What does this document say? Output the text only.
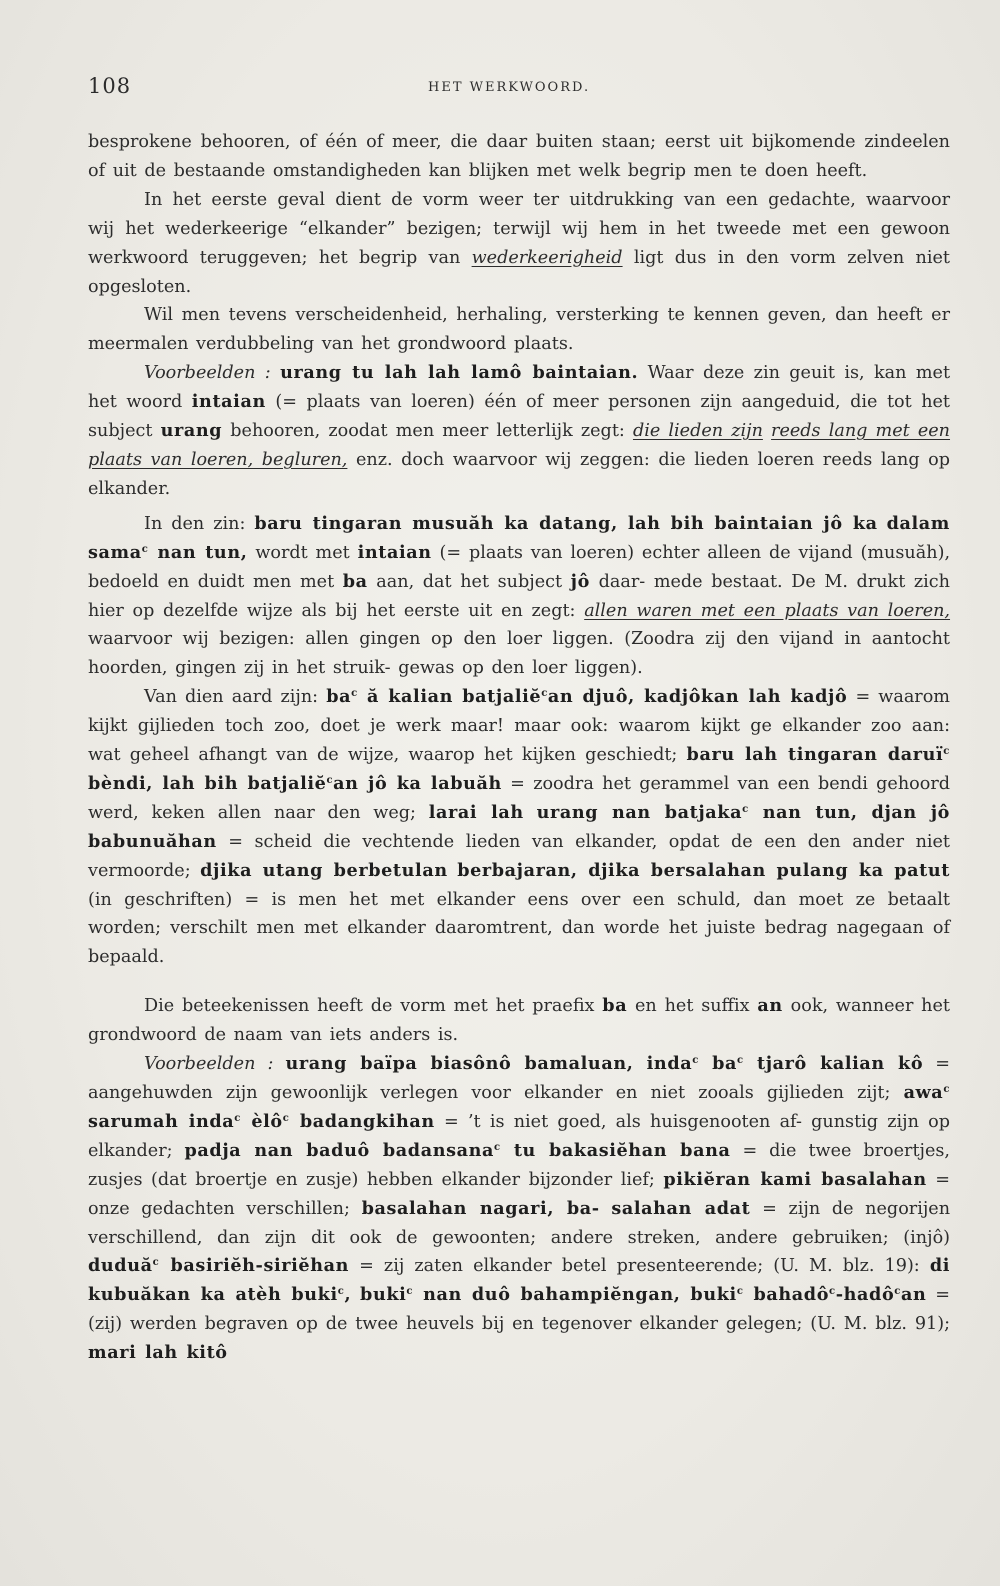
108	HET WERKWOORD.

besprokene behooren, of één of meer, die daar buiten staan; eerst uit bijkomende zindeelen of uit de bestaande omstandigheden kan blijken met welk begrip men te doen heeft.

In het eerste geval dient de vorm weer ter uitdrukking van een gedachte, waarvoor wij het wederkeerige “elkander” bezigen; terwijl wij hem in het tweede met een gewoon werkwoord teruggeven; het begrip van wederkeerigheid ligt dus in den vorm zelven niet opgesloten.

Wil men tevens verscheidenheid, herhaling, versterking te kennen geven, dan heeft er meermalen verdubbeling van het grondwoord plaats.

Voorbeelden : urang tu lah lah lamô baintaian. Waar deze zin geuit is, kan met het woord intaian (= plaats van loeren) één of meer personen zijn aangeduid, die tot het subject urang behooren, zoodat men meer letterlijk zegt: die lieden zijn reeds lang met een plaats van loeren, begluren, enz. doch waarvoor wij zeggen: die lieden loeren reeds lang op elkander.

In den zin: baru tingaran musuăh ka datang, lah bih baintaian jô ka dalam sama$^c$ nan tun, wordt met intaian (= plaats van loeren) echter alleen de vijand (musuăh), bedoeld en duidt men met ba aan, dat het subject jô daar- mede bestaat. De M. drukt zich hier op dezelfde wijze als bij het eerste uit en zegt: allen waren met een plaats van loeren, waarvoor wij bezigen: allen gingen op den loer liggen. (Zoodra zij den vijand in aantocht hoorden, gingen zij in het struik- gewas op den loer liggen).

Van dien aard zijn: $ba^c$ ă kalian batjaliĕ$^c$an djuô, kadjôkan lah kadjô = waarom kijkt gijlieden toch zoo, doet je werk maar! maar ook: waarom kijkt ge elkander zoo aan: wat geheel afhangt van de wijze, waarop het kijken geschiedt; baru lah tingaran daruï$^c$ bèndi, lah bih batjaliĕ$^c$an jô ka labuăh = zoodra het gerammel van een bendi gehoord werd, keken allen naar den weg; larai lah urang nan batjaka$^c$ nan tun, djan jô babunuăhan = scheid die vechtende lieden van elkander, opdat de een den ander niet vermoorde; djika utang berbetulan berbajaran, djika bersalahan pulang ka patut (in geschriften) = is men het met elkander eens over een schuld, dan moet ze betaalt worden; verschilt men met elkander daaromtrent, dan worde het juiste bedrag nagegaan of bepaald.

Die beteekenissen heeft de vorm met het praefix ba en het suffix an ook, wanneer het grondwoord de naam van iets anders is.

Voorbeelden : urang baïpa biasônô bamaluan, inda$^c$ $ba^c$ tjarô kalian kô = aangehuwden zijn gewoonlijk verlegen voor elkander en niet zooals gijlieden zijt; awa$^c$ sarumah inda$^c$ èlô$^c$ badangkihan = ’t is niet goed, als huisgenooten af- gunstig zijn op elkander; padja nan baduô badansana$^c$ tu bakasiĕhan bana = die twee broertjes, zusjes (dat broertje en zusje) hebben elkander bijzonder lief; pikiĕran kami basalahan = onze gedachten verschillen; basalahan nagari, ba- salahan adat = zijn de negorijen verschillend, dan zijn dit ook de gewoonten; andere streken, andere gebruiken; (injô) duduă$^c$ basiriĕh-siriĕhan = zij zaten elkander betel presenteerende; (U. M. blz. 19): di kubuăkan ka atèh buki$^c$, buki$^c$ nan duô bahampiĕngan, buki$^c$ bahadô$^c$-hadô$^c$an = (zij) werden begraven op de twee heuvels bij en tegenover elkander gelegen; (U. M. blz. 91); mari lah kitô
